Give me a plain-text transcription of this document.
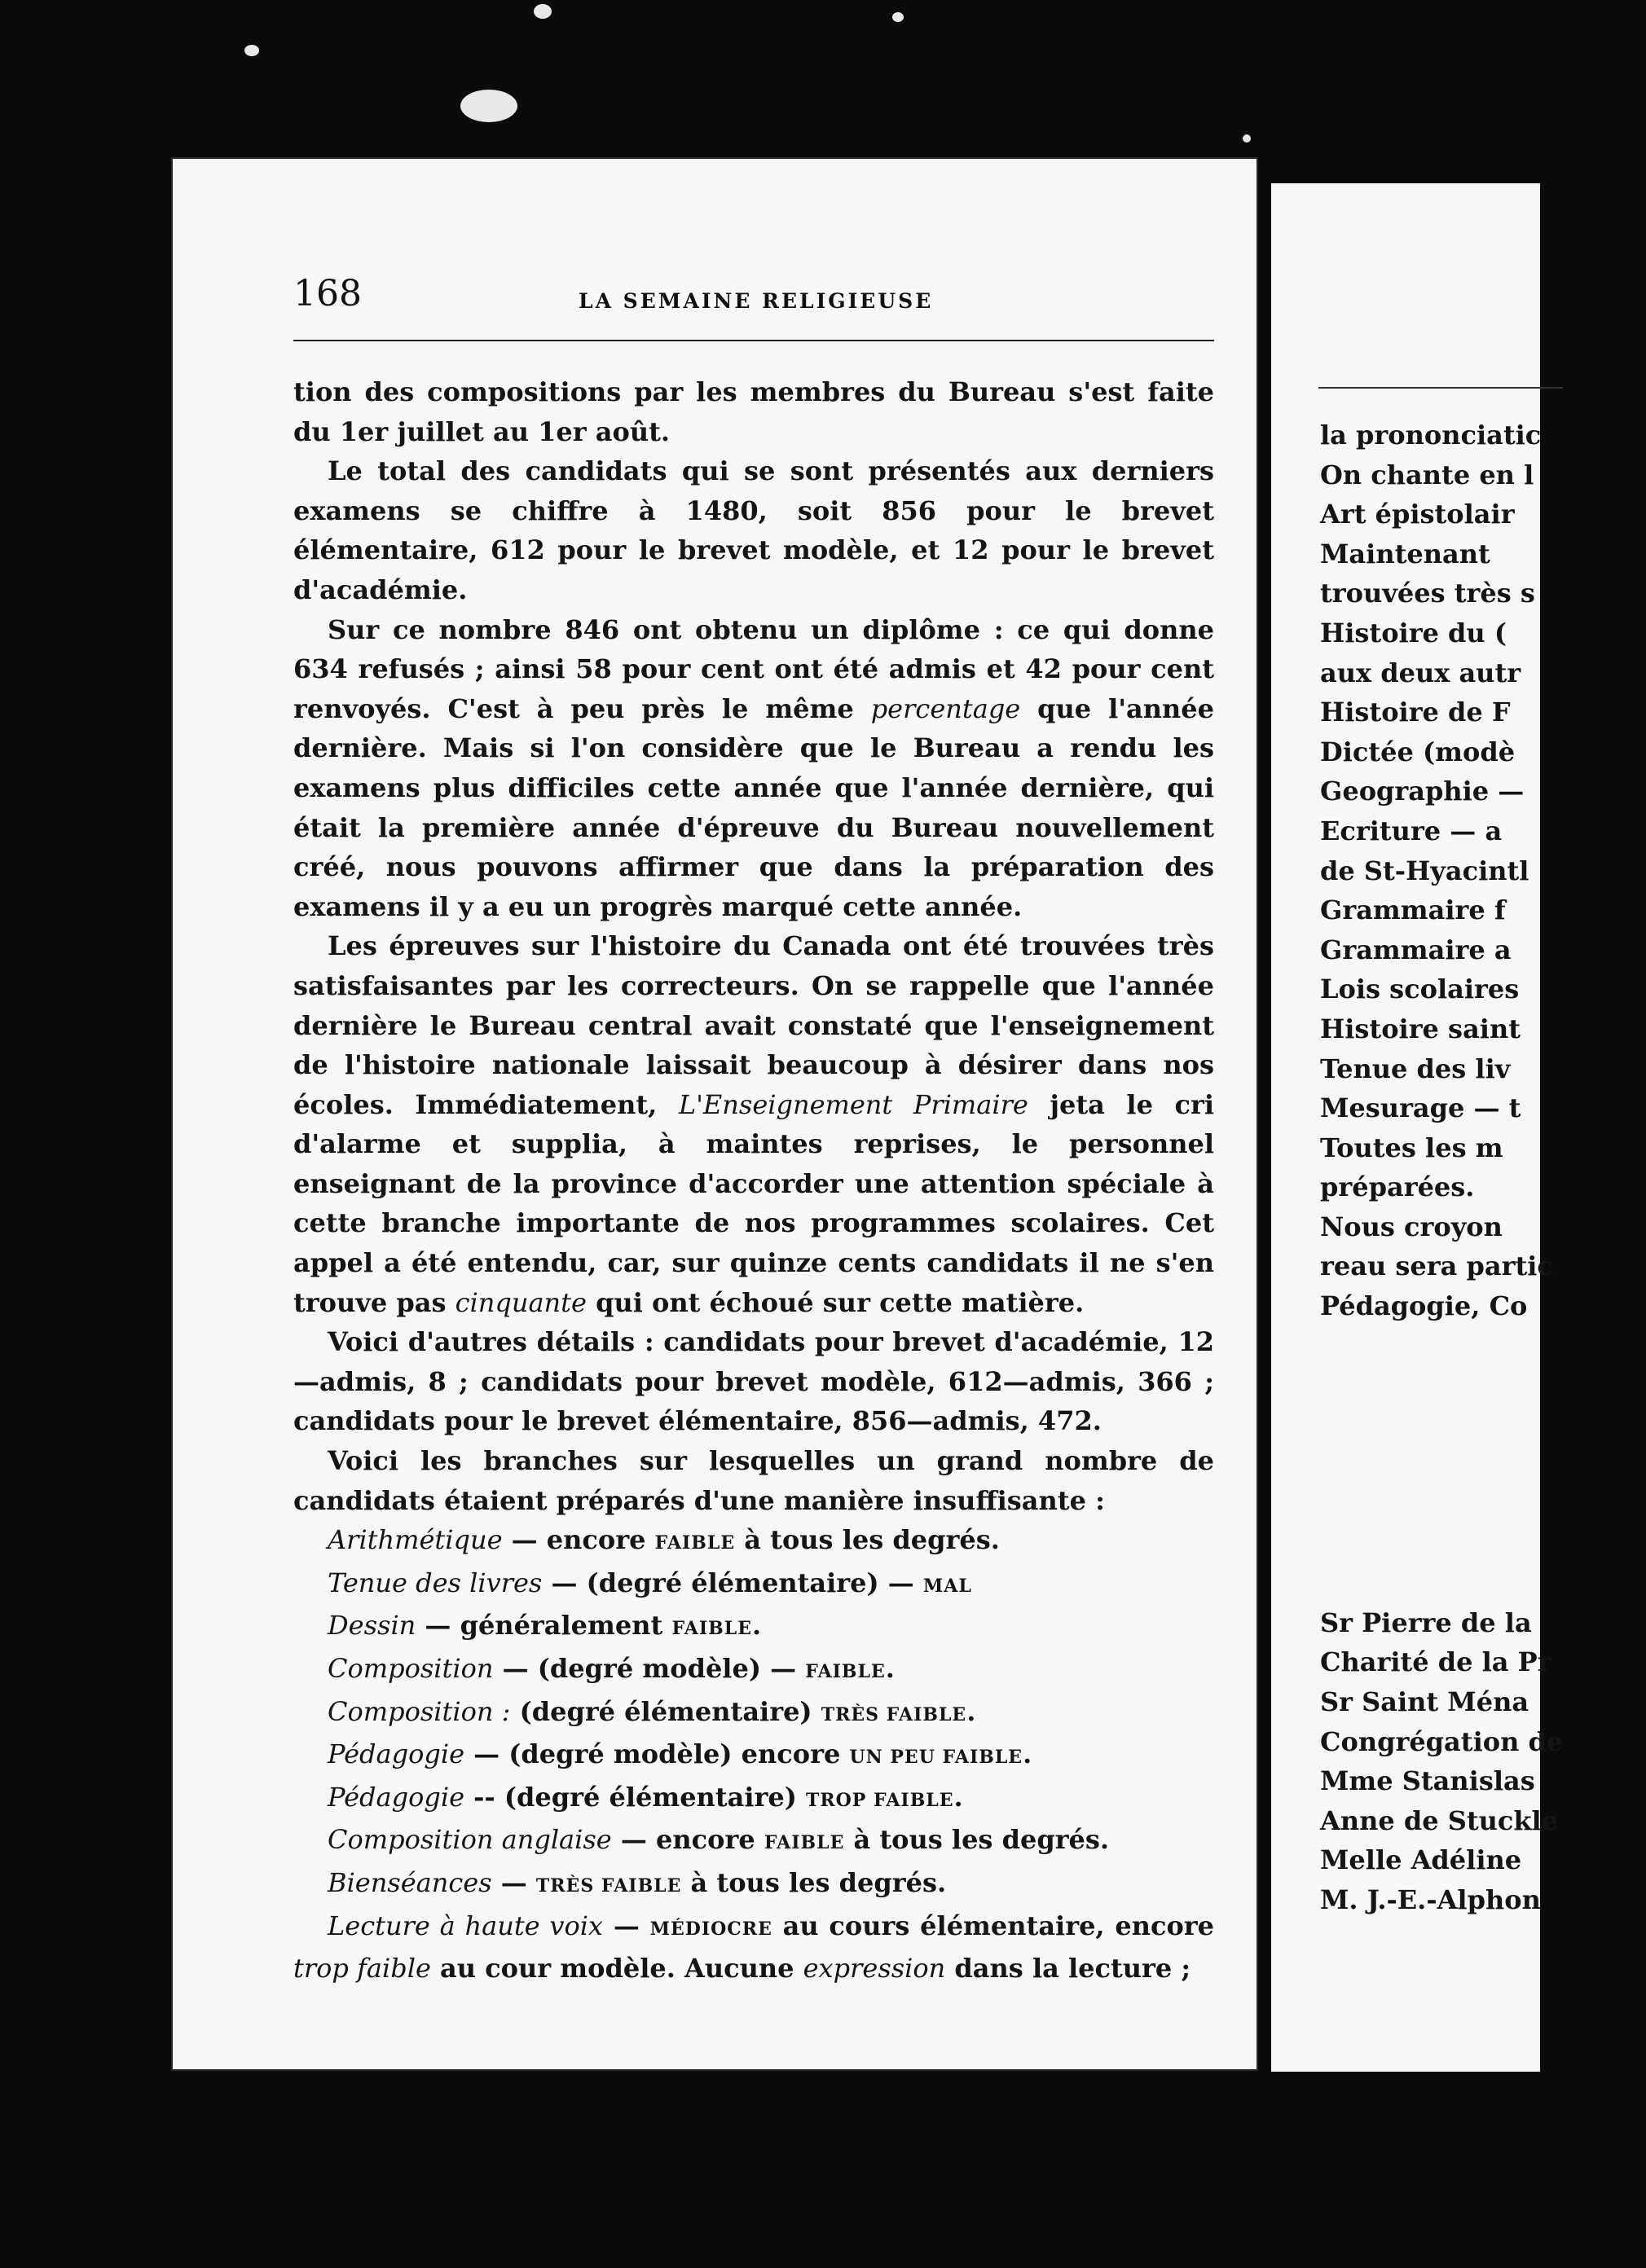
168	LA SEMAINE RELIGIEUSE

tion des compositions par les membres du Bureau s'est faite du 1er juillet au 1er août.

Le total des candidats qui se sont présentés aux derniers examens se chiffre à 1480, soit 856 pour le brevet élémentaire, 612 pour le brevet modèle, et 12 pour le brevet d'académie.

Sur ce nombre 846 ont obtenu un diplôme : ce qui donne 634 refusés ; ainsi 58 pour cent ont été admis et 42 pour cent renvoyés. C'est à peu près le même percentage que l'année dernière. Mais si l'on considère que le Bureau a rendu les examens plus difficiles cette année que l'année dernière, qui était la première année d'épreuve du Bureau nouvellement créé, nous pouvons affirmer que dans la préparation des examens il y a eu un progrès marqué cette année.

Les épreuves sur l'histoire du Canada ont été trouvées très satisfaisantes par les correcteurs. On se rappelle que l'année dernière le Bureau central avait constaté que l'enseignement de l'histoire nationale laissait beaucoup à désirer dans nos écoles. Immédiatement, L'Enseignement Primaire jeta le cri d'alarme et supplia, à maintes reprises, le personnel enseignant de la province d'accorder une attention spéciale à cette branche importante de nos programmes scolaires. Cet appel a été entendu, car, sur quinze cents candidats il ne s'en trouve pas cinquante qui ont échoué sur cette matière.

Voici d'autres détails : candidats pour brevet d'académie, 12—admis, 8 ; candidats pour brevet modèle, 612—admis, 366 ; candidats pour le brevet élémentaire, 856—admis, 472.

Voici les branches sur lesquelles un grand nombre de candidats étaient préparés d'une manière insuffisante :

Arithmétique — encore FAIBLE à tous les degrés.

Tenue des livres — (degré élémentaire) — MAL

Dessin — généralement FAIBLE.

Composition — (degré modèle) — FAIBLE.

Composition : (degré élémentaire) TRÈS FAIBLE.

Pédagogie — (degré modèle) encore UN PEU FAIBLE.

Pédagogie -- (degré élémentaire) TROP FAIBLE.

Composition anglaise — encore FAIBLE à tous les degrés.

Bienséances — TRÈS FAIBLE à tous les degrés.

Lecture à haute voix — MÉDIOCRE au cours élémentaire, encore trop faible au cour modèle. Aucune expression dans la lecture ;

la prononciatic
On chante en l
Art épistolair
Maintenant
trouvées très s
Histoire du (
aux deux autr
Histoire de F
Dictée (modè
Geographie —
Ecriture — a
de St-Hyacintl
Grammaire f
Grammaire a
Lois scolaires
Histoire saint
Tenue des liv
Mesurage — t
Toutes les m
préparées.
Nous croyon
reau sera partic
Pédagogie, Co
Sr Pierre de la
Charité de la Pr
Sr Saint Ména
Congrégation de
Mme Stanislas
Anne de Stuckle
Melle Adéline
M. J.-E.-Alphon
